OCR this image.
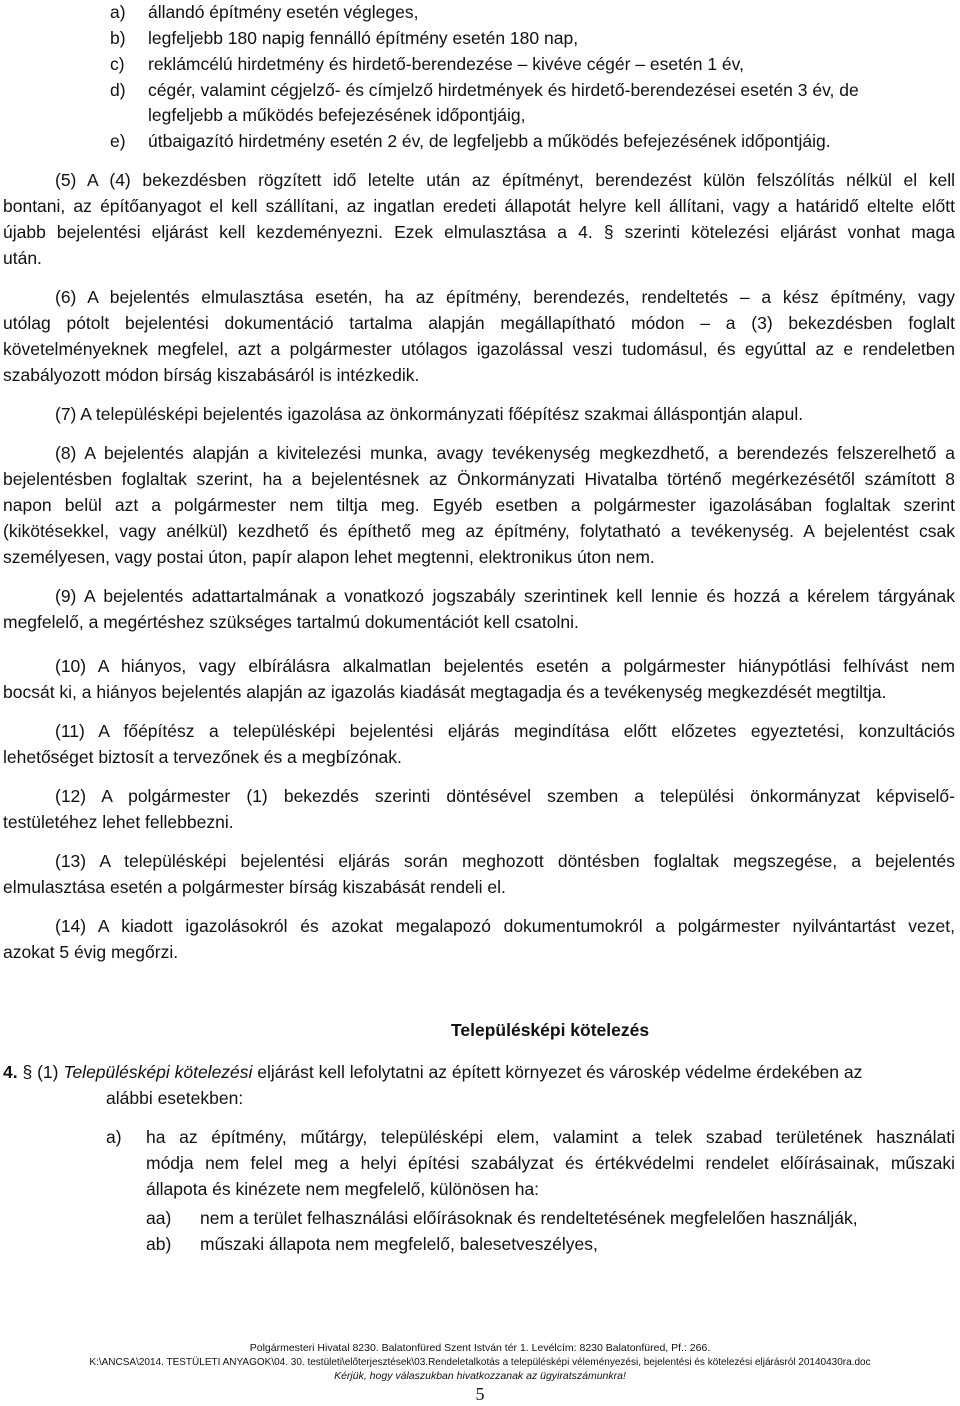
a) állandó építmény esetén végleges,
b) legfeljebb 180 napig fennálló építmény esetén 180 nap,
c) reklámcélú hirdetmény és hirdető-berendezése – kivéve cégér – esetén 1 év,
d) cégér, valamint cégjelző- és címjelző hirdetmények és hirdető-berendezései esetén 3 év, de
legfeljebb a működés befejezésének időpontjáig,
e) útbaigazító hirdetmény esetén 2 év, de legfeljebb a működés befejezésének időpontjáig.
(5) A (4) bekezdésben rögzített idő letelte után az építményt, berendezést külön felszólítás nélkül el kell
bontani, az építőanyagot el kell szállítani, az ingatlan eredeti állapotát helyre kell állítani, vagy a határidő eltelte előtt
újabb bejelentési eljárást kell kezdeményezni. Ezek elmulasztása a 4. § szerinti kötelezési eljárást vonhat maga
után.
(6) A bejelentés elmulasztása esetén, ha az építmény, berendezés, rendeltetés – a kész építmény, vagy
utólag pótolt bejelentési dokumentáció tartalma alapján megállapítható módon – a (3) bekezdésben foglalt
követelményeknek megfelel, azt a polgármester utólagos igazolással veszi tudomásul, és egyúttal az e rendeletben
szabályozott módon bírság kiszabásáról is intézkedik.
(7) A településképi bejelentés igazolása az önkormányzati főépítész szakmai álláspontján alapul.
(8) A bejelentés alapján a kivitelezési munka, avagy tevékenység megkezdhető, a berendezés felszerelhető a
bejelentésben foglaltak szerint, ha a bejelentésnek az Önkormányzati Hivatalba történő megérkezésétől számított 8
napon belül azt a polgármester nem tiltja meg. Egyéb esetben a polgármester igazolásában foglaltak szerint
(kikötésekkel, vagy anélkül) kezdhető és építhető meg az építmény, folytatható a tevékenység. A bejelentést csak
személyesen, vagy postai úton, papír alapon lehet megtenni, elektronikus úton nem.
(9) A bejelentés adattartalmának a vonatkozó jogszabály szerintinek kell lennie és hozzá a kérelem tárgyának
megfelelő, a megértéshez szükséges tartalmú dokumentációt kell csatolni.
(10) A hiányos, vagy elbírálásra alkalmatlan bejelentés esetén a polgármester hiánypótlási felhívást nem
bocsát ki, a hiányos bejelentés alapján az igazolás kiadását megtagadja és a tevékenység megkezdését megtiltja.
(11) A főépítész a településképi bejelentési eljárás megindítása előtt előzetes egyeztetési, konzultációs
lehetőséget biztosít a tervezőnek és a megbízónak.
(12) A polgármester (1) bekezdés szerinti döntésével szemben a települési önkormányzat képviselő-
testületéhez lehet fellebbezni.
(13) A településképi bejelentési eljárás során meghozott döntésben foglaltak megszegése, a bejelentés
elmulasztása esetén a polgármester bírság kiszabását rendeli el.
(14) A kiadott igazolásokról és azokat megalapozó dokumentumokról a polgármester nyilvántartást vezet,
azokat 5 évig megőrzi.
Településképi kötelezés
4. § (1) Településképi kötelezési eljárást kell lefolytatni az épített környezet és városkép védelme érdekében az
alábbi esetekben:
a) ha az építmény, műtárgy, településképi elem, valamint a telek szabad területének használati
módja nem felel meg a helyi építési szabályzat és értékvédelmi rendelet előírásainak, műszaki
állapota és kinézete nem megfelelő, különösen ha:
aa) nem a terület felhasználási előírásoknak és rendeltetésének megfelelően használják,
ab) műszaki állapota nem megfelelő, balesetveszélyes,
Polgármesteri Hivatal 8230. Balatonfüred Szent István tér 1. Levélcím: 8230 Balatonfüred, Pf.: 266.
K:\ANCSA\2014. TESTÜLETI ANYAGOK\04. 30. testületi\előterjesztések\03.Rendeletalkotás a településképi véleményezési, bejelentési és kötelezési eljárásról 20140430ra.doc
Kérjük, hogy válaszukban hivatkozzanak az ügyiratszámunkra!
5
